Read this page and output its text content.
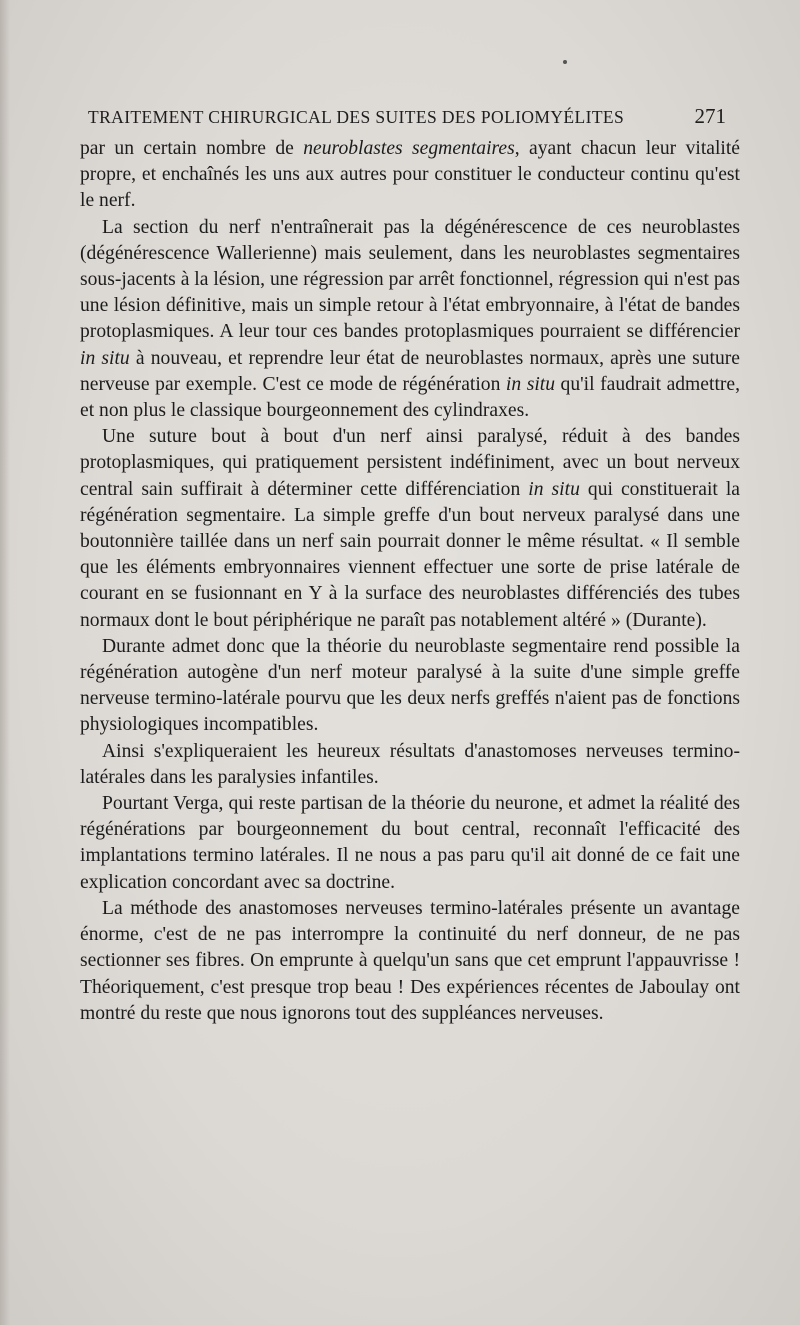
TRAITEMENT CHIRURGICAL DES SUITES DES POLIOMYÉLITES	271

par un certain nombre de neuroblastes segmentaires, ayant chacun leur vitalité propre, et enchaînés les uns aux autres pour constituer le conducteur continu qu'est le nerf.

La section du nerf n'entraînerait pas la dégénérescence de ces neuroblastes (dégénérescence Wallerienne) mais seulement, dans les neuroblastes segmentaires sous-jacents à la lésion, une régression par arrêt fonctionnel, régression qui n'est pas une lésion définitive, mais un simple retour à l'état embryonnaire, à l'état de bandes protoplasmiques. A leur tour ces bandes protoplasmiques pourraient se différencier in situ à nouveau, et reprendre leur état de neuroblastes normaux, après une suture nerveuse par exemple. C'est ce mode de régénération in situ qu'il faudrait admettre, et non plus le classique bourgeonnement des cylindraxes.

Une suture bout à bout d'un nerf ainsi paralysé, réduit à des bandes protoplasmiques, qui pratiquement persistent indéfiniment, avec un bout nerveux central sain suffirait à déterminer cette différenciation in situ qui constituerait la régénération segmentaire. La simple greffe d'un bout nerveux paralysé dans une boutonnière taillée dans un nerf sain pourrait donner le même résultat. « Il semble que les éléments embryonnaires viennent effectuer une sorte de prise latérale de courant en se fusionnant en Y à la surface des neuroblastes différenciés des tubes normaux dont le bout périphérique ne paraît pas notablement altéré » (Durante).

Durante admet donc que la théorie du neuroblaste segmentaire rend possible la régénération autogène d'un nerf moteur paralysé à la suite d'une simple greffe nerveuse termino-latérale pourvu que les deux nerfs greffés n'aient pas de fonctions physiologiques incompatibles.

Ainsi s'expliqueraient les heureux résultats d'anastomoses nerveuses termino-latérales dans les paralysies infantiles.

Pourtant Verga, qui reste partisan de la théorie du neurone, et admet la réalité des régénérations par bourgeonnement du bout central, reconnaît l'efficacité des implantations termino latérales. Il ne nous a pas paru qu'il ait donné de ce fait une explication concordant avec sa doctrine.

La méthode des anastomoses nerveuses termino-latérales présente un avantage énorme, c'est de ne pas interrompre la continuité du nerf donneur, de ne pas sectionner ses fibres. On emprunte à quelqu'un sans que cet emprunt l'appauvrisse ! Théoriquement, c'est presque trop beau ! Des expériences récentes de Jaboulay ont montré du reste que nous ignorons tout des suppléances nerveuses.
